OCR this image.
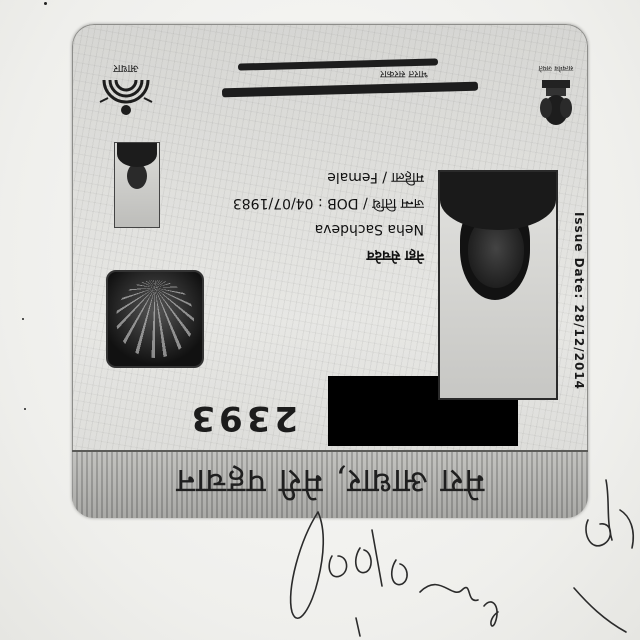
मेरा आधार, मेरी पहचान
2393
Issue Date: 28/12/2014
नेहा सेचदेव
Neha Sachdeva
जन्म तिथि / DOB : 04/07/1983
महिला / Female
भारत सरकार	सत्यमेव जयते
आधार
